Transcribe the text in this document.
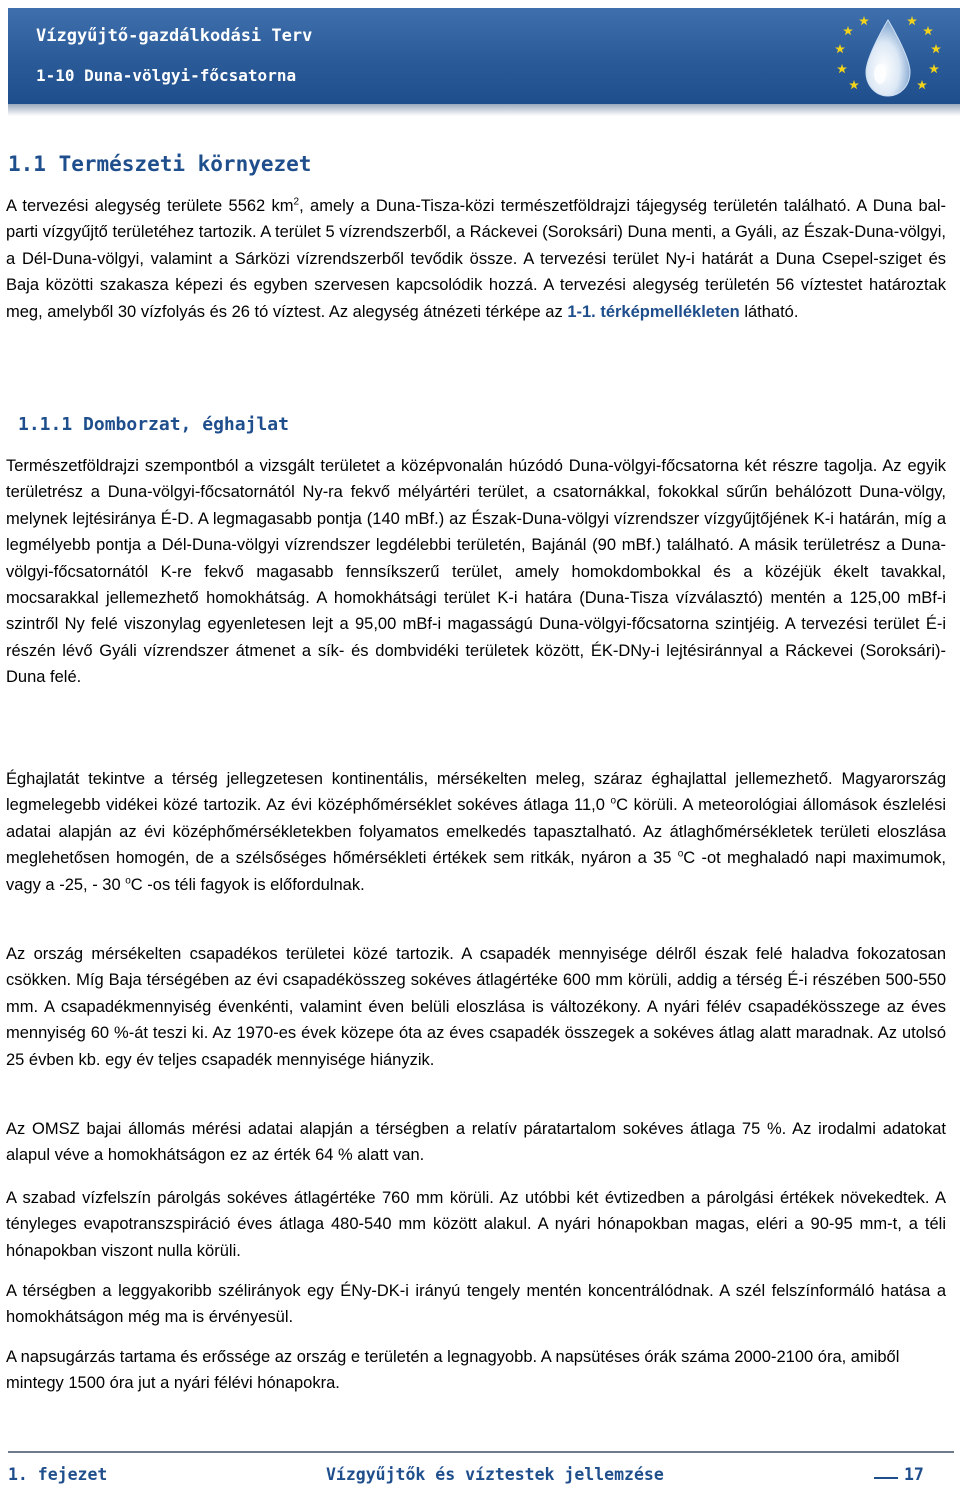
Vízgyűjtő-gazdálkodási Terv
1-10 Duna-völgyi-főcsatorna
1.1 Természeti környezet
A tervezési alegység területe 5562 $km^2$, amely a Duna-Tisza-közi természetföldrajzi tájegység területén található. A Duna bal-parti vízgyűjtő területéhez tartozik. A terület 5 vízrendszerből, a Ráckevei (Soroksári) Duna menti, a Gyáli, az Észak-Duna-völgyi, a Dél-Duna-völgyi, valamint a Sárközi vízrendszerből tevődik össze. A tervezési terület Ny-i határát a Duna Csepel-sziget és Baja közötti szakasza képezi és egyben szervesen kapcsolódik hozzá. A tervezési alegység területén 56 víztestet határoztak meg, amelyből 30 vízfolyás és 26 tó víztest. Az alegység átnézeti térképe az 1-1. térképmellékleten látható.
1.1.1 Domborzat, éghajlat
Természetföldrajzi szempontból a vizsgált területet a középvonalán húzódó Duna-völgyi-főcsatorna két részre tagolja. Az egyik területrész a Duna-völgyi-főcsatornától Ny-ra fekvő mélyártéri terület, a csatornákkal, fokokkal sűrűn behálózott Duna-völgy, melynek lejtésiránya É-D. A legmagasabb pontja (140 mBf.) az Észak-Duna-völgyi vízrendszer vízgyűjtőjének K-i határán, míg a legmélyebb pontja a Dél-Duna-völgyi vízrendszer legdélebbi területén, Bajánál (90 mBf.) található. A másik területrész a Duna-völgyi-főcsatornától K-re fekvő magasabb fennsíkszerű terület, amely homokdombokkal és a közéjük ékelt tavakkal, mocsarakkal jellemezhető homokhátság. A homokhátsági terület K-i határa (Duna-Tisza vízválasztó) mentén a 125,00 mBf-i szintről Ny felé viszonylag egyenletesen lejt a 95,00 mBf-i magasságú Duna-völgyi-főcsatorna szintjéig. A tervezési terület É-i részén lévő Gyáli vízrendszer átmenet a sík- és dombvidéki területek között, ÉK-DNy-i lejtésiránnyal a Ráckevei (Soroksári)-Duna felé.
Éghajlatát tekintve a térség jellegzetesen kontinentális, mérsékelten meleg, száraz éghajlattal jellemezhető. Magyarország legmelegebb vidékei közé tartozik. Az évi középhőmérséklet sokéves átlaga 11,0 $^o$C körüli. A meteorológiai állomások észlelési adatai alapján az évi középhőmérsékletekben folyamatos emelkedés tapasztalható. Az átlaghőmérsékletek területi eloszlása meglehetősen homogén, de a szélsőséges hőmérsékleti értékek sem ritkák, nyáron a 35 $^o$C -ot meghaladó napi maximumok, vagy a -25, - 30 $^o$C -os téli fagyok is előfordulnak.
Az ország mérsékelten csapadékos területei közé tartozik. A csapadék mennyisége délről észak felé haladva fokozatosan csökken. Míg Baja térségében az évi csapadékösszeg sokéves átlagértéke 600 mm körüli, addig a térség É-i részében 500-550 mm. A csapadékmennyiség évenkénti, valamint éven belüli eloszlása is változékony. A nyári félév csapadékösszege az éves mennyiség 60 %-át teszi ki. Az 1970-es évek közepe óta az éves csapadék összegek a sokéves átlag alatt maradnak. Az utolsó 25 évben kb. egy év teljes csapadék mennyisége hiányzik.
Az OMSZ bajai állomás mérési adatai alapján a térségben a relatív páratartalom sokéves átlaga 75 %. Az irodalmi adatokat alapul véve a homokhátságon ez az érték 64 % alatt van.
A szabad vízfelszín párolgás sokéves átlagértéke 760 mm körüli. Az utóbbi két évtizedben a párolgási értékek növekedtek. A tényleges evapotranszspiráció éves átlaga 480-540 mm között alakul. A nyári hónapokban magas, eléri a 90-95 mm-t, a téli hónapokban viszont nulla körüli.
A térségben a leggyakoribb szélirányok egy ÉNy-DK-i irányú tengely mentén koncentrálódnak. A szél felszínformáló hatása a homokhátságon még ma is érvényesül.
A napsugárzás tartama és erőssége az ország e területén a legnagyobb. A napsütéses órák száma 2000-2100 óra, amiből mintegy 1500 óra jut a nyári félévi hónapokra.
1. fejezet	Vízgyűjtők és víztestek jellemzése	17
